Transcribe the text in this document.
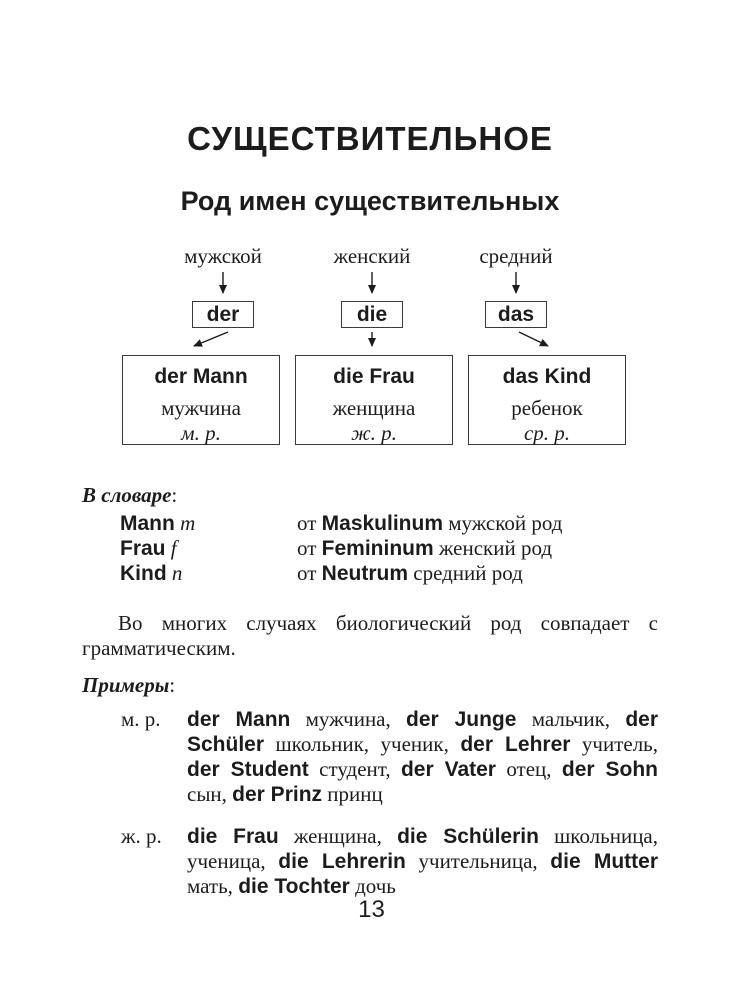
СУЩЕСТВИТЕЛЬНОЕ
Род имен существительных
мужской	женский	средний
der	die	das
der Mann
мужчина
м. р.
die Frau
женщина
ж. р.
das Kind
ребенок
ср. р.
В словаре:
Mann m	от Maskulinum мужской род
Frau f	от Femininum женский род
Kind n	от Neutrum средний род

Во многих случаях биологический род совпадает с грамматическим.

Примеры:
м. р.	der Mann мужчина, der Junge мальчик, der Schüler школьник, ученик, der Lehrer учитель, der Student студент, der Vater отец, der Sohn сын, der Prinz принц
ж. р.	die Frau женщина, die Schülerin школьница, ученица, die Lehrerin учительница, die Mutter мать, die Tochter дочь
13
